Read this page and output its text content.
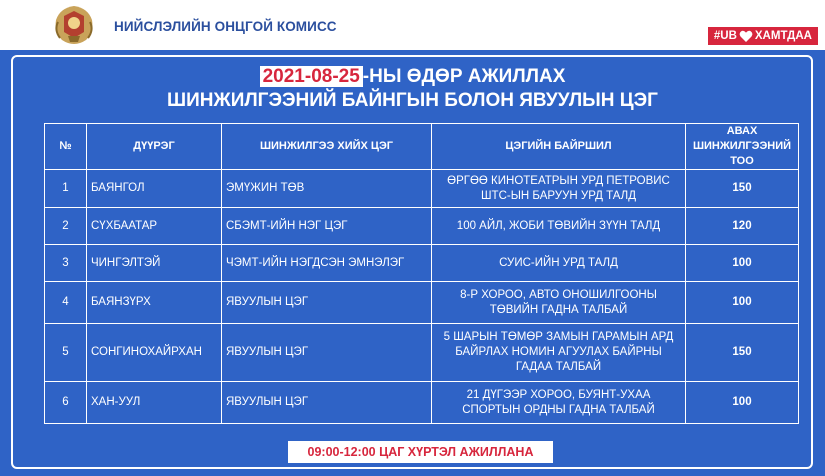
НИЙСЛЭЛИЙН ОНЦГОЙ КОМИСС
#UB ХАМТДАА
2021-08-25 -НЫ ӨДӨР АЖИЛЛАХ
ШИНЖИЛГЭЭНИЙ БАЙНГЫН БОЛОН ЯВУУЛЫН ЦЭГ
№	ДҮҮРЭГ	ШИНЖИЛГЭЭ ХИЙХ ЦЭГ	ЦЭГИЙН БАЙРШИЛ	АВАХ ШИНЖИЛГЭЭНИЙ ТОО
1	БАЯНГОЛ	ЭМҮЖИН ТӨВ	ӨРГӨӨ КИНОТЕАТРЫН УРД ПЕТРОВИС ШТС-ЫН БАРУУН УРД ТАЛД	150
2	СҮХБААТАР	СБЭМТ-ИЙН НЭГ ЦЭГ	100 АЙЛ, ЖОБИ ТӨВИЙН ЗҮҮН ТАЛД	120
3	ЧИНГЭЛТЭЙ	ЧЭМТ-ИЙН НЭГДСЭН ЭМНЭЛЭГ	СУИС-ИЙН УРД ТАЛД	100
4	БАЯНЗҮРХ	ЯВУУЛЫН ЦЭГ	8-Р ХОРОО, АВТО ОНОШИЛГООНЫ ТӨВИЙН ГАДНА ТАЛБАЙ	100
5	СОНГИНОХАЙРХАН	ЯВУУЛЫН ЦЭГ	5 ШАРЫН ТӨМӨР ЗАМЫН ГАРАМЫН АРД БАЙРЛАХ НОМИН АГУУЛАХ БАЙРНЫ ГАДАА ТАЛБАЙ	150
6	ХАН-УУЛ	ЯВУУЛЫН ЦЭГ	21 ДҮГЭЭР ХОРОО, БУЯНТ-УХАА СПОРТЫН ОРДНЫ ГАДНА ТАЛБАЙ	100
09:00-12:00 ЦАГ ХҮРТЭЛ АЖИЛЛАНА
